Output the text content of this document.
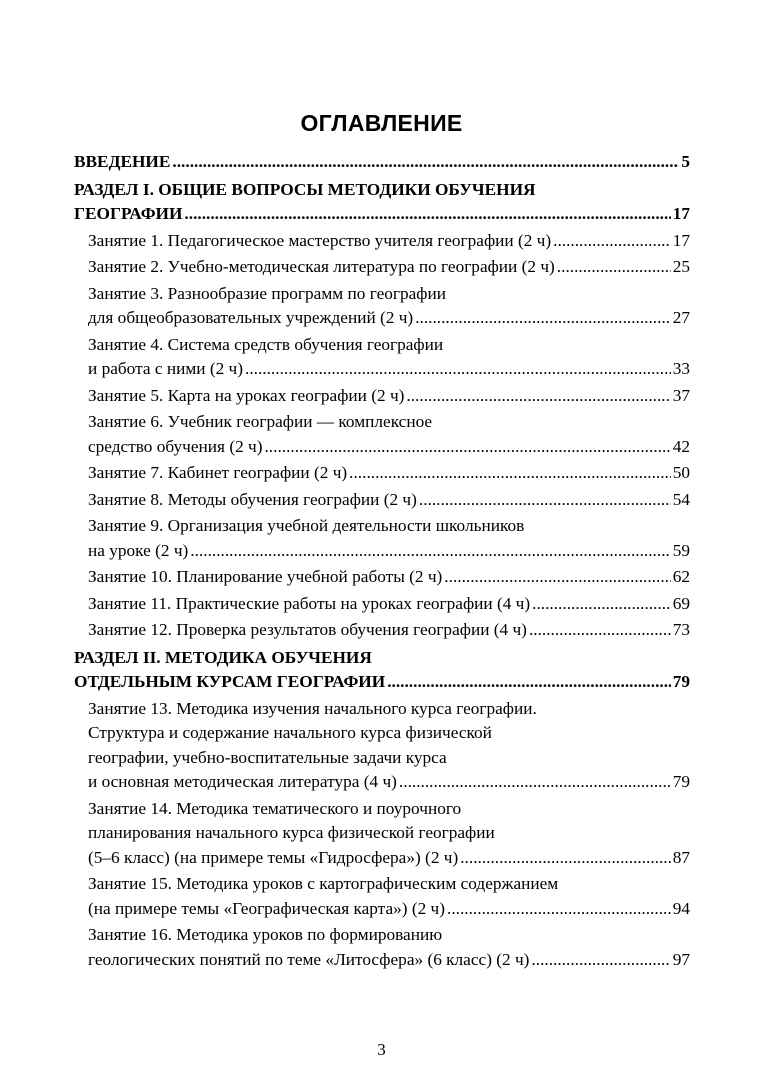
ОГЛАВЛЕНИЕ
ВВЕДЕНИЕ .....	5
РАЗДЕЛ I. ОБЩИЕ ВОПРОСЫ МЕТОДИКИ ОБУЧЕНИЯ
ГЕОГРАФИИ .....	17
Занятие 1. Педагогическое мастерство учителя географии (2 ч) .....	17
Занятие 2. Учебно-методическая литература по географии (2 ч) .....	25
Занятие 3. Разнообразие программ по географии
для общеобразовательных учреждений (2 ч) .....	27
Занятие 4. Система средств обучения географии
и работа с ними (2 ч) .....	33
Занятие 5. Карта на уроках географии (2 ч) .....	37
Занятие 6. Учебник географии — комплексное
средство обучения (2 ч) .....	42
Занятие 7. Кабинет географии (2 ч) .....	50
Занятие 8. Методы обучения географии (2 ч) .....	54
Занятие 9. Организация учебной деятельности школьников
на уроке (2 ч) .....	59
Занятие 10. Планирование учебной работы (2 ч) .....	62
Занятие 11. Практические работы на уроках географии (4 ч) .....	69
Занятие 12. Проверка результатов обучения географии (4 ч) .....	73
РАЗДЕЛ II. МЕТОДИКА ОБУЧЕНИЯ
ОТДЕЛЬНЫМ КУРСАМ ГЕОГРАФИИ .....	79
Занятие 13. Методика изучения начального курса географии.
Структура и содержание начального курса физической
географии, учебно-воспитательные задачи курса
и основная методическая литература (4 ч) .....	79
Занятие 14. Методика тематического и поурочного
планирования начального курса физической географии
(5–6 класс) (на примере темы «Гидросфера») (2 ч) .....	87
Занятие 15. Методика уроков с картографическим содержанием
(на примере темы «Географическая карта») (2 ч) .....	94
Занятие 16. Методика уроков по формированию
геологических понятий по теме «Литосфера» (6 класс) (2 ч) .....	97
3
